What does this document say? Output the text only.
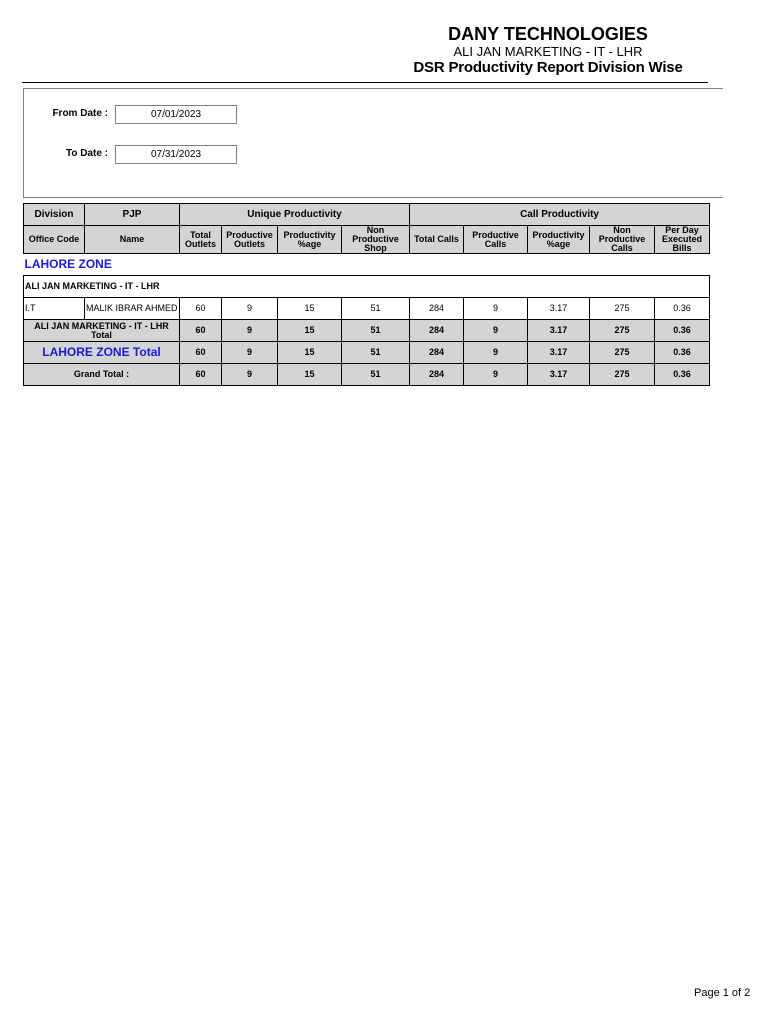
DANY TECHNOLOGIES
ALI JAN MARKETING - IT - LHR
DSR Productivity Report Division Wise
From Date :	07/01/2023
To Date :	07/31/2023
Division	PJP	Unique Productivity				Call Productivity				
Office Code	Name	Total Outlets	Productive Outlets	Productivity %age	Non Productive Shop	Total Calls	Productive Calls	Productivity %age	Non Productive Calls	Per Day Executed Bills
LAHORE ZONE										
ALI JAN MARKETING - IT - LHR										
I.T	MALIK IBRAR AHMED	60	9	15	51	284	9	3.17	275	0.36
ALI JAN MARKETING - IT - LHR Total		60	9	15	51	284	9	3.17	275	0.36
LAHORE ZONE Total		60	9	15	51	284	9	3.17	275	0.36
Grand Total :		60	9	15	51	284	9	3.17	275	0.36
Page 1 of 2
